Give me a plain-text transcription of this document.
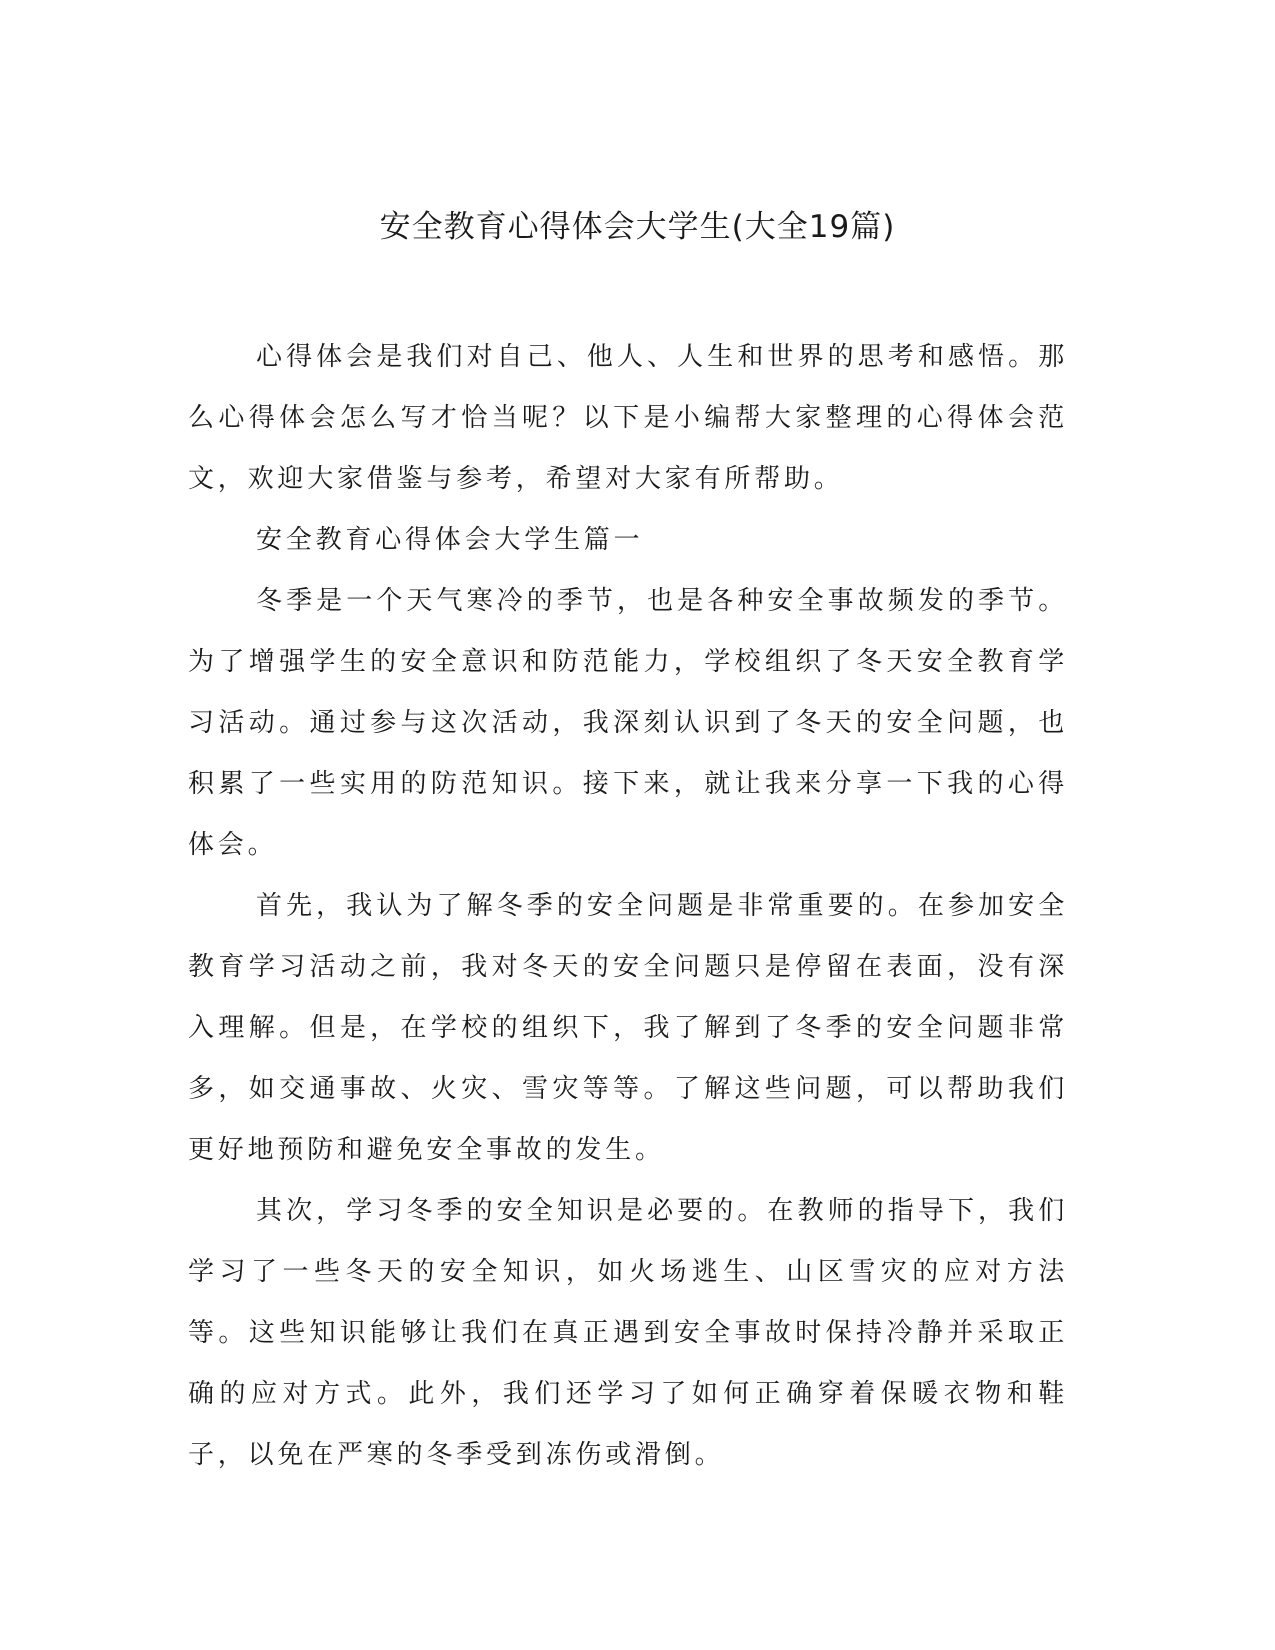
安全教育心得体会大学生(大全19篇)

心得体会是我们对自己、他人、人生和世界的思考和感悟。那么心得体会怎么写才恰当呢？以下是小编帮大家整理的心得体会范文，欢迎大家借鉴与参考，希望对大家有所帮助。

安全教育心得体会大学生篇一

冬季是一个天气寒冷的季节，也是各种安全事故频发的季节。为了增强学生的安全意识和防范能力，学校组织了冬天安全教育学习活动。通过参与这次活动，我深刻认识到了冬天的安全问题，也积累了一些实用的防范知识。接下来，就让我来分享一下我的心得体会。

首先，我认为了解冬季的安全问题是非常重要的。在参加安全教育学习活动之前，我对冬天的安全问题只是停留在表面，没有深入理解。但是，在学校的组织下，我了解到了冬季的安全问题非常多，如交通事故、火灾、雪灾等等。了解这些问题，可以帮助我们更好地预防和避免安全事故的发生。

其次，学习冬季的安全知识是必要的。在教师的指导下，我们学习了一些冬天的安全知识，如火场逃生、山区雪灾的应对方法等。这些知识能够让我们在真正遇到安全事故时保持冷静并采取正确的应对方式。此外，我们还学习了如何正确穿着保暖衣物和鞋子，以免在严寒的冬季受到冻伤或滑倒。
